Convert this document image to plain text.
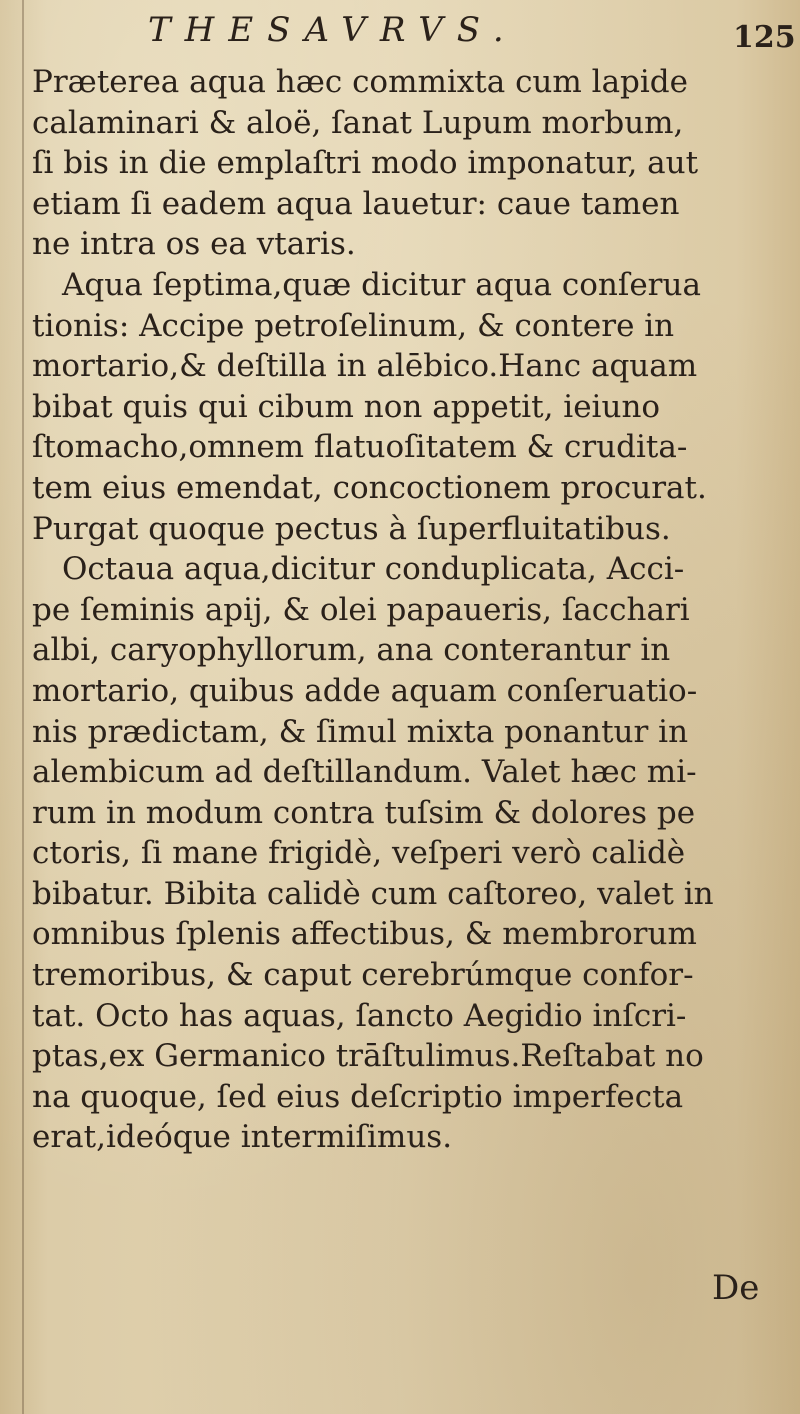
THESAVRVS.	125
Præterea aqua hæc commixta cum lapide
calaminari & aloë, ſanat Lupum morbum,
ſi bis in die emplaſtri modo imponatur, aut
etiam ſi eadem aqua lauetur: caue tamen
ne intra os ea vtaris.
Aqua ſeptima,quæ dicitur aqua conſerua
tionis: Accipe petroſelinum, & contere in
mortario,& deſtilla in alēbico.Hanc aquam
bibat quis qui cibum non appetit, ieiuno
ſtomacho,omnem flatuoſitatem & crudita-
tem eius emendat, concoctionem procurat.
Purgat quoque pectus à ſuperfluitatibus.
Octaua aqua,dicitur conduplicata, Acci-
pe ſeminis apij, & olei papaueris, ſacchari
albi, caryophyllorum, ana conterantur in
mortario, quibus adde aquam conſeruatio-
nis prædictam, & ſimul mixta ponantur in
alembicum ad deſtillandum. Valet hæc mi-
rum in modum contra tuſsim & dolores pe
ctoris, ſi mane frigidè, veſperi verò calidè
bibatur. Bibita calidè cum caſtoreo, valet in
omnibus ſplenis affectibus, & membrorum
tremoribus, & caput cerebrúmque confor-
tat. Octo has aquas, ſancto Aegidio inſcri-
ptas,ex Germanico trāſtulimus.Reſtabat no
na quoque, ſed eius deſcriptio imperfecta
erat,ideóque intermiſimus.
De
